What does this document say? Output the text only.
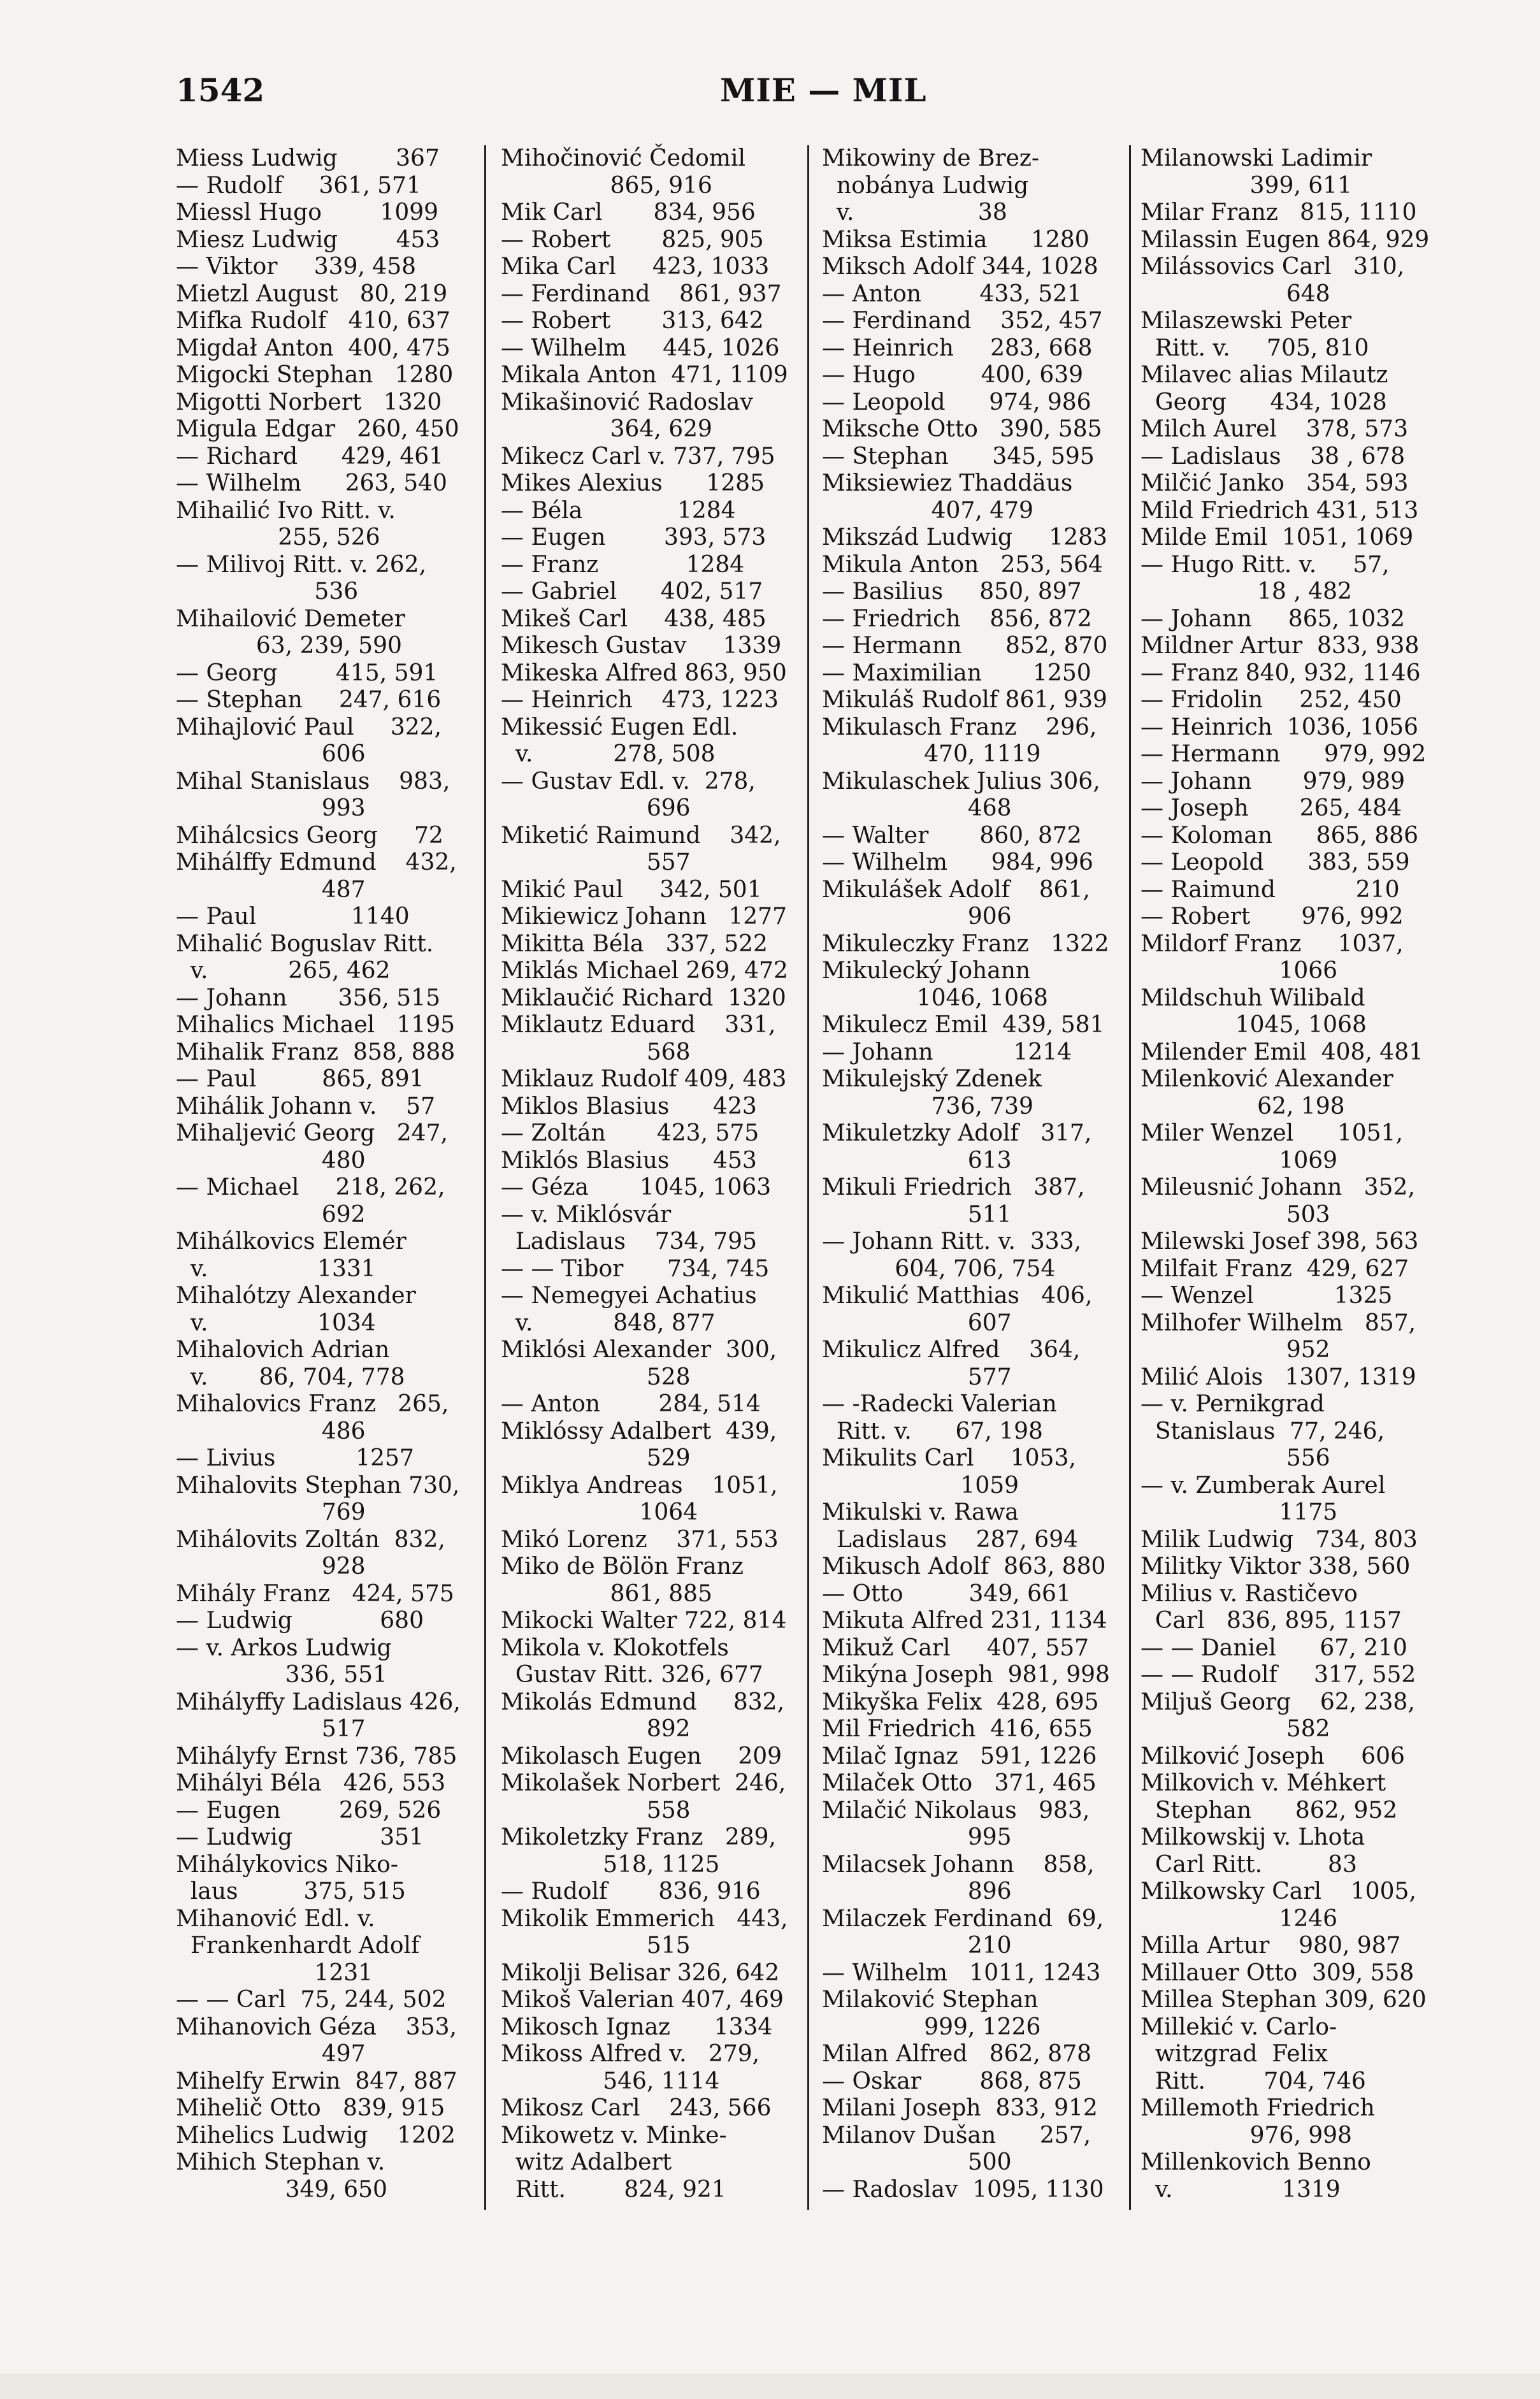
1542	MIE — MIL
Miess Ludwig        367
— Rudolf     361, 571
Miessl Hugo        1099
Miesz Ludwig        453
— Viktor     339, 458
Mietzl August   80, 219
Mifka Rudolf   410, 637
Migdał Anton  400, 475
Migocki Stephan   1280
Migotti Norbert   1320
Migula Edgar   260, 450
— Richard      429, 461
— Wilhelm      263, 540
Mihailić Ivo Ritt. v.
255, 526
— Milivoj Ritt. v. 262,
536
Mihailović Demeter
63, 239, 590
— Georg        415, 591
— Stephan     247, 616
Mihajlović Paul     322,
606
Mihal Stanislaus    983,
993
Mihálcsics Georg     72
Mihálffy Edmund    432,
487
— Paul             1140
Mihalić Boguslav Ritt.
v.           265, 462
— Johann       356, 515
Mihalics Michael   1195
Mihalik Franz  858, 888
— Paul         865, 891
Mihálik Johann v.    57
Mihaljević Georg   247,
480
— Michael     218, 262,
692
Mihálkovics Elemér
v.               1331
Mihalótzy Alexander
v.               1034
Mihalovich Adrian
v.       86, 704, 778
Mihalovics Franz   265,
486
— Livius           1257
Mihalovits Stephan 730,
769
Mihálovits Zoltán  832,
928
Mihály Franz   424, 575
— Ludwig            680
— v. Arkos Ludwig
336, 551
Mihályffy Ladislaus 426,
517
Mihályfy Ernst 736, 785
Mihályi Béla   426, 553
— Eugen        269, 526
— Ludwig            351
Mihálykovics Niko-
laus         375, 515
Mihanović Edl. v.
Frankenhardt Adolf
1231
— — Carl  75, 244, 502
Mihanovich Géza    353,
497
Mihelfy Erwin  847, 887
Mihelič Otto   839, 915
Mihelics Ludwig    1202
Mihich Stephan v.
349, 650
Mihočinović Čedomil
865, 916
Mik Carl       834, 956
— Robert       825, 905
Mika Carl     423, 1033
— Ferdinand    861, 937
— Robert       313, 642
— Wilhelm     445, 1026
Mikala Anton  471, 1109
Mikašinović Radoslav
364, 629
Mikecz Carl v. 737, 795
Mikes Alexius      1285
— Béla             1284
— Eugen        393, 573
— Franz            1284
— Gabriel      402, 517
Mikeš Carl     438, 485
Mikesch Gustav     1339
Mikeska Alfred 863, 950
— Heinrich    473, 1223
Mikessić Eugen Edl.
v.           278, 508
— Gustav Edl. v.  278,
696
Miketić Raimund    342,
557
Mikić Paul     342, 501
Mikiewicz Johann   1277
Mikitta Béla   337, 522
Miklás Michael 269, 472
Miklaučić Richard  1320
Miklautz Eduard    331,
568
Miklauz Rudolf 409, 483
Miklos Blasius      423
— Zoltán       423, 575
Miklós Blasius      453
— Géza       1045, 1063
— v. Miklósvár
Ladislaus    734, 795
— — Tibor      734, 745
— Nemegyei Achatius
v.           848, 877
Miklósi Alexander  300,
528
— Anton        284, 514
Miklóssy Adalbert  439,
529
Miklya Andreas    1051,
1064
Mikó Lorenz    371, 553
Miko de Bölön Franz
861, 885
Mikocki Walter 722, 814
Mikola v. Klokotfels
Gustav Ritt. 326, 677
Mikolás Edmund     832,
892
Mikolasch Eugen     209
Mikolašek Norbert  246,
558
Mikoletzky Franz   289,
518, 1125
— Rudolf       836, 916
Mikolik Emmerich   443,
515
Mikolji Belisar 326, 642
Mikoš Valerian 407, 469
Mikosch Ignaz      1334
Mikoss Alfred v.   279,
546, 1114
Mikosz Carl    243, 566
Mikowetz v. Minke-
witz Adalbert
Ritt.        824, 921
Mikowiny de Brez-
nobánya Ludwig
v.                 38
Miksa Estimia      1280
Miksch Adolf 344, 1028
— Anton        433, 521
— Ferdinand    352, 457
— Heinrich     283, 668
— Hugo         400, 639
— Leopold      974, 986
Miksche Otto   390, 585
— Stephan      345, 595
Miksiewiez Thaddäus
407, 479
Mikszád Ludwig     1283
Mikula Anton   253, 564
— Basilius     850, 897
— Friedrich    856, 872
— Hermann      852, 870
— Maximilian       1250
Mikuláš Rudolf 861, 939
Mikulasch Franz    296,
470, 1119
Mikulaschek Julius 306,
468
— Walter       860, 872
— Wilhelm      984, 996
Mikulášek Adolf    861,
906
Mikuleczky Franz   1322
Mikulecký Johann
1046, 1068
Mikulecz Emil  439, 581
— Johann           1214
Mikulejský Zdenek
736, 739
Mikuletzky Adolf   317,
613
Mikuli Friedrich   387,
511
— Johann Ritt. v.  333,
604, 706, 754
Mikulić Matthias   406,
607
Mikulicz Alfred    364,
577
— -Radecki Valerian
Ritt. v.      67, 198
Mikulits Carl     1053,
1059
Mikulski v. Rawa
Ladislaus    287, 694
Mikusch Adolf  863, 880
— Otto         349, 661
Mikuta Alfred 231, 1134
Mikuž Carl     407, 557
Mikýna Joseph  981, 998
Mikyška Felix  428, 695
Mil Friedrich  416, 655
Milač Ignaz   591, 1226
Milaček Otto   371, 465
Milačić Nikolaus   983,
995
Milacsek Johann    858,
896
Milaczek Ferdinand  69,
210
— Wilhelm   1011, 1243
Milaković Stephan
999, 1226
Milan Alfred   862, 878
— Oskar        868, 875
Milani Joseph  833, 912
Milanov Dušan      257,
500
— Radoslav  1095, 1130
Milanowski Ladimir
399, 611
Milar Franz   815, 1110
Milassin Eugen 864, 929
Milássovics Carl   310,
648
Milaszewski Peter
Ritt. v.     705, 810
Milavec alias Milautz
Georg      434, 1028
Milch Aurel    378, 573
— Ladislaus    38 , 678
Milčić Janko   354, 593
Mild Friedrich 431, 513
Milde Emil  1051, 1069
— Hugo Ritt. v.     57,
18 , 482
— Johann     865, 1032
Mildner Artur  833, 938
— Franz 840, 932, 1146
— Fridolin     252, 450
— Heinrich  1036, 1056
— Hermann      979, 992
— Johann       979, 989
— Joseph       265, 484
— Koloman      865, 886
— Leopold      383, 559
— Raimund           210
— Robert       976, 992
Mildorf Franz     1037,
1066
Mildschuh Wilibald
1045, 1068
Milender Emil  408, 481
Milenković Alexander
62, 198
Miler Wenzel      1051,
1069
Mileusnić Johann   352,
503
Milewski Josef 398, 563
Milfait Franz  429, 627
— Wenzel           1325
Milhofer Wilhelm   857,
952
Milić Alois   1307, 1319
— v. Pernikgrad
Stanislaus  77, 246,
556
— v. Zumberak Aurel
1175
Milik Ludwig   734, 803
Militky Viktor 338, 560
Milius v. Rastičevo
Carl   836, 895, 1157
— — Daniel      67, 210
— — Rudolf     317, 552
Miljuš Georg    62, 238,
582
Milković Joseph     606
Milkovich v. Méhkert
Stephan      862, 952
Milkowskij v. Lhota
Carl Ritt.         83
Milkowsky Carl    1005,
1246
Milla Artur    980, 987
Millauer Otto  309, 558
Millea Stephan 309, 620
Millekić v. Carlo-
witzgrad  Felix
Ritt.        704, 746
Millemoth Friedrich
976, 998
Millenkovich Benno
v.               1319
